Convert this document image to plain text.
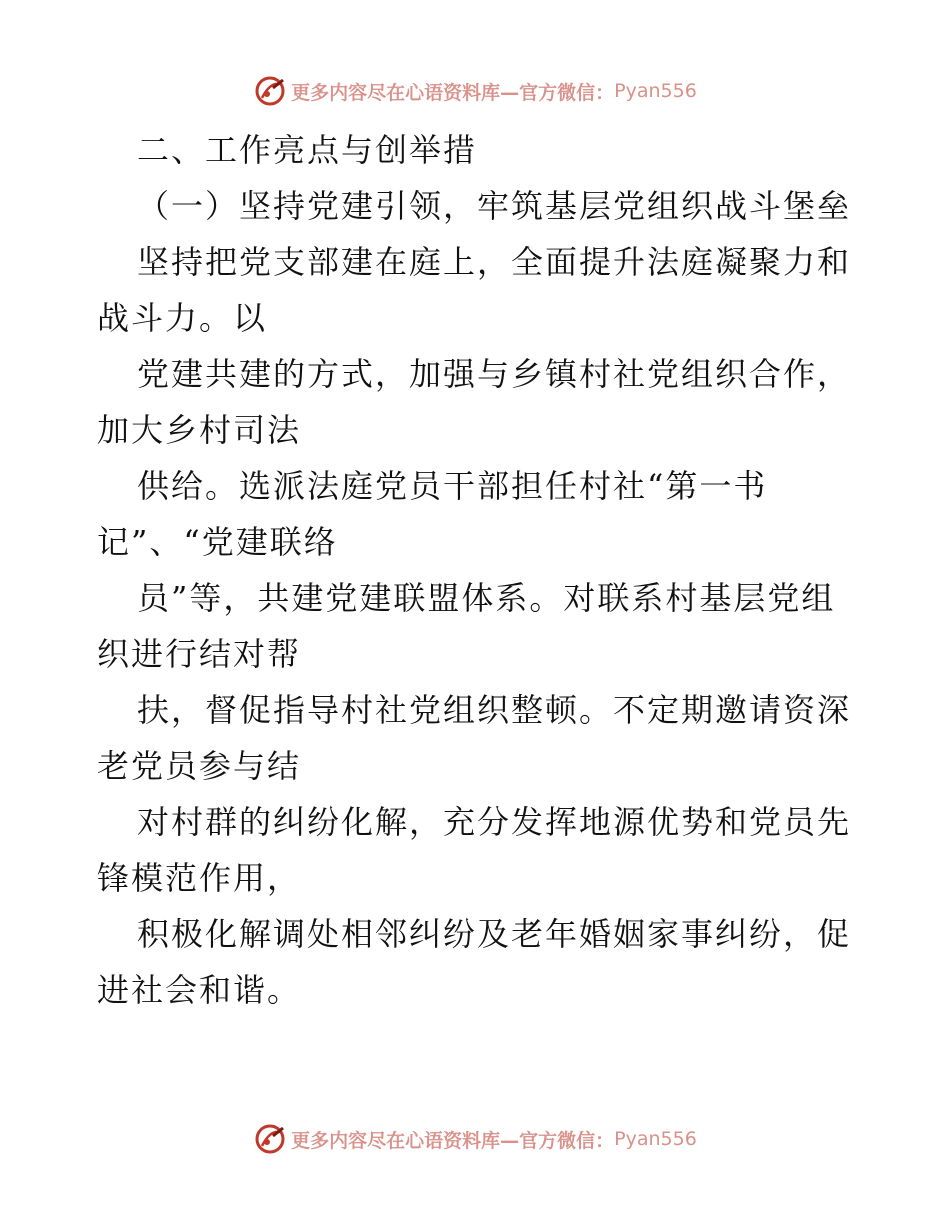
更多内容尽在心语资料库—官方微信： Pyan556
二、工作亮点与创举措
（一）坚持党建引领，牢筑基层党组织战斗堡垒
坚持把党支部建在庭上，全面提升法庭凝聚力和
战斗力。以
党建共建的方式，加强与乡镇村社党组织合作，
加大乡村司法
供给。选派法庭党员干部担任村社“第一书
记”、“党建联络
员”等，共建党建联盟体系。对联系村基层党组
织进行结对帮
扶，督促指导村社党组织整顿。不定期邀请资深
老党员参与结
对村群的纠纷化解，充分发挥地源优势和党员先
锋模范作用，
积极化解调处相邻纠纷及老年婚姻家事纠纷，促
进社会和谐。
更多内容尽在心语资料库—官方微信： Pyan556
